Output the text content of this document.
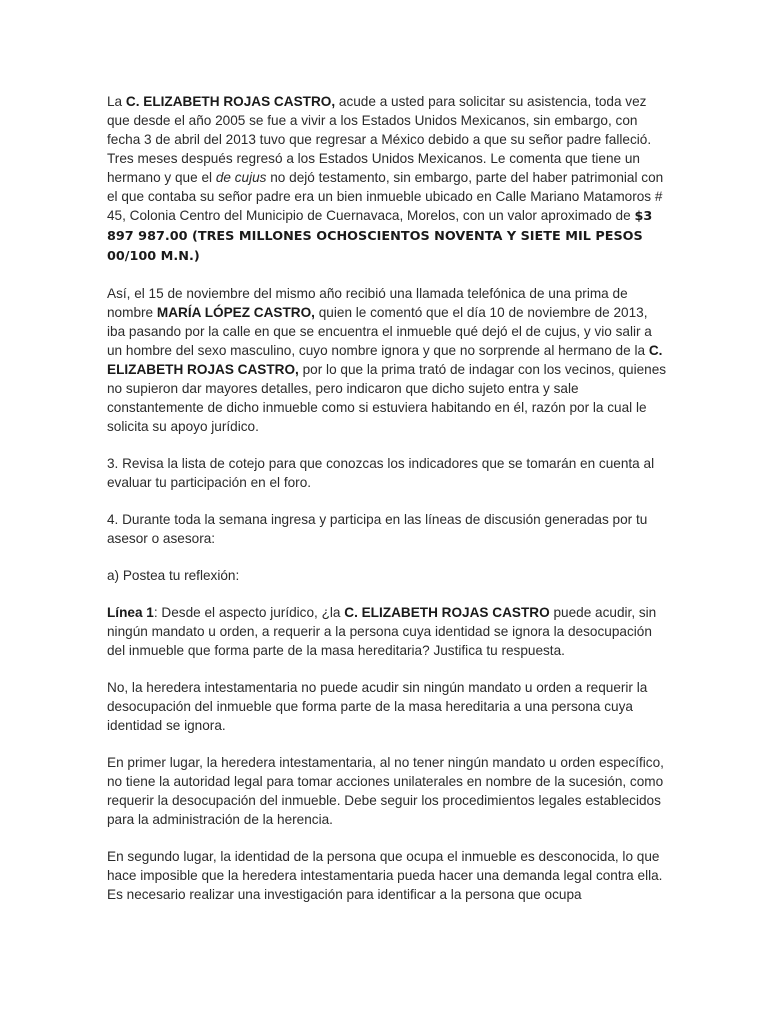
La C. ELIZABETH ROJAS CASTRO, acude a usted para solicitar su asistencia, toda vez que desde el año 2005 se fue a vivir a los Estados Unidos Mexicanos, sin embargo, con fecha 3 de abril del 2013 tuvo que regresar a México debido a que su señor padre falleció. Tres meses después regresó a los Estados Unidos Mexicanos. Le comenta que tiene un hermano y que el de cujus no dejó testamento, sin embargo, parte del haber patrimonial con el que contaba su señor padre era un bien inmueble ubicado en Calle Mariano Matamoros # 45, Colonia Centro del Municipio de Cuernavaca, Morelos, con un valor aproximado de $3 897 987.00 (TRES MILLONES OCHOSCIENTOS NOVENTA Y SIETE MIL PESOS 00/100 M.N.)

Así, el 15 de noviembre del mismo año recibió una llamada telefónica de una prima de nombre MARÍA LÓPEZ CASTRO, quien le comentó que el día 10 de noviembre de 2013, iba pasando por la calle en que se encuentra el inmueble qué dejó el de cujus, y vio salir a un hombre del sexo masculino, cuyo nombre ignora y que no sorprende al hermano de la C. ELIZABETH ROJAS CASTRO, por lo que la prima trató de indagar con los vecinos, quienes no supieron dar mayores detalles, pero indicaron que dicho sujeto entra y sale constantemente de dicho inmueble como si estuviera habitando en él, razón por la cual le solicita su apoyo jurídico.

3. Revisa la lista de cotejo para que conozcas los indicadores que se tomarán en cuenta al evaluar tu participación en el foro.

4. Durante toda la semana ingresa y participa en las líneas de discusión generadas por tu asesor o asesora:

a) Postea tu reflexión:

Línea 1: Desde el aspecto jurídico, ¿la C. ELIZABETH ROJAS CASTRO puede acudir, sin ningún mandato u orden, a requerir a la persona cuya identidad se ignora la desocupación del inmueble que forma parte de la masa hereditaria? Justifica tu respuesta.

No, la heredera intestamentaria no puede acudir sin ningún mandato u orden a requerir la desocupación del inmueble que forma parte de la masa hereditaria a una persona cuya identidad se ignora.

En primer lugar, la heredera intestamentaria, al no tener ningún mandato u orden específico, no tiene la autoridad legal para tomar acciones unilaterales en nombre de la sucesión, como requerir la desocupación del inmueble. Debe seguir los procedimientos legales establecidos para la administración de la herencia.

En segundo lugar, la identidad de la persona que ocupa el inmueble es desconocida, lo que hace imposible que la heredera intestamentaria pueda hacer una demanda legal contra ella. Es necesario realizar una investigación para identificar a la persona que ocupa
